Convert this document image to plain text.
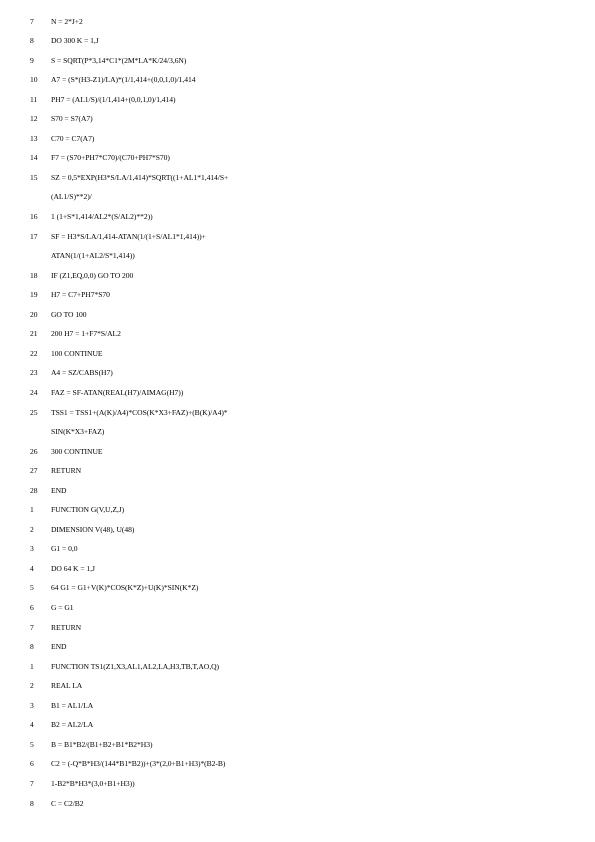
7 N = 2*J+2
8 DO 300 K = 1,J
9 S = SQRT(P*3,14*C1*(2M*LA*K/24/3,6N)
10 A7 = (S*(H3-Z1)/LA)*(1/1,414+(0,0,1,0)/1,414
11 PH7 = (AL1/S)/(1/1,414+(0,0,1,0)/1,414)
12 S70 = S7(A7)
13 C70 = C7(A7)
14 F7 = (S70+PH7*C70)/(C70+PH7*S70)
15 SZ = 0,5*EXP(H3*S/LA/1,414)*SQRT((1+AL1*1,414/S+
(AL1/S)**2)/
16 1 (1+S*1,414/AL2*(S/AL2)**2))
17 SF = H3*S/LA/1,414-ATAN(1/(1+S/AL1*1,414))+
ATAN(1/(1+AL2/S*1,414))
18 IF (Z1,EQ,0,0) GO TO 200
19 H7 = C7+PH7*S70
20 GO TO 100
21 200 H7 = 1+F7*S/AL2
22 100 CONTINUE
23 A4 = SZ/CABS(H7)
24 FAZ = SF-ATAN(REAL(H7)/AIMAG(H7))
25 TSS1 = TSS1+(A(K)/A4)*COS(K*X3+FAZ)+(B(K)/A4)*
SIN(K*X3+FAZ)
26 300 CONTINUE
27 RETURN
28 END
1 FUNCTION G(V,U,Z,J)
2 DIMENSION V(48), U(48)
3 G1 = 0,0
4 DO 64 K = 1,J
5 64 G1 = G1+V(K)*COS(K*Z)+U(K)*SIN(K*Z)
6 G = G1
7 RETURN
8 END
1 FUNCTION TS1(Z1,X3,AL1,AL2,LA,H3,TB,T,AO,Q)
2 REAL LA
3 B1 = AL1/LA
4 B2 = AL2/LA
5 B = B1*B2/(B1+B2+B1*B2*H3)
6 C2 = (-Q*B*H3/(144*B1*B2))+(3*(2,0+B1+H3)*(B2-B)
7 1-B2*B*H3*(3,0+B1+H3))
8 C = C2/B2
